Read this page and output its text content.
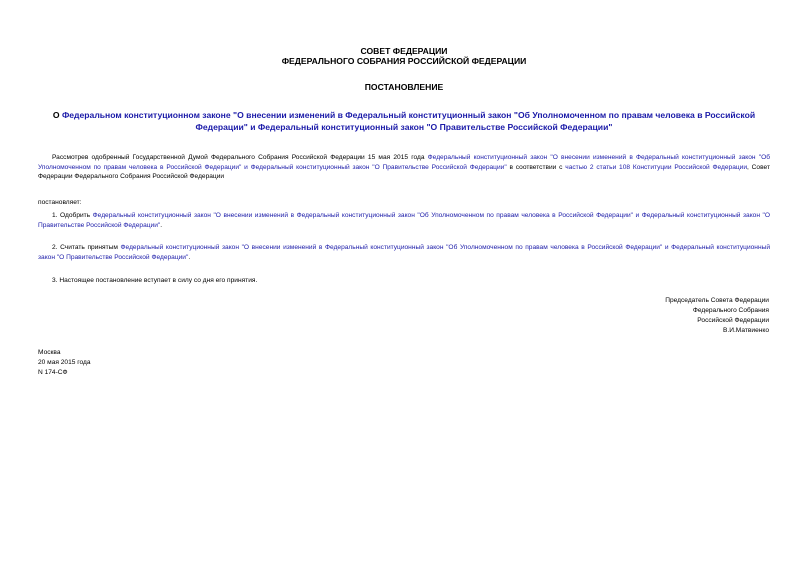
СОВЕТ ФЕДЕРАЦИИ
ФЕДЕРАЛЬНОГО СОБРАНИЯ РОССИЙСКОЙ ФЕДЕРАЦИИ
ПОСТАНОВЛЕНИЕ
О Федеральном конституционном законе "О внесении изменений в Федеральный конституционный закон "Об Уполномоченном по правам человека в Российской Федерации" и Федеральный конституционный закон "О Правительстве Российской Федерации"
Рассмотрев одобренный Государственной Думой Федерального Собрания Российской Федерации 15 мая 2015 года Федеральный конституционный закон "О внесении изменений в Федеральный конституционный закон "Об Уполномоченном по правам человека в Российской Федерации" и Федеральный конституционный закон "О Правительстве Российской Федерации" в соответствии с частью 2 статьи 108 Конституции Российской Федерации, Совет Федерации Федерального Собрания Российской Федерации
постановляет:
1. Одобрить Федеральный конституционный закон "О внесении изменений в Федеральный конституционный закон "Об Уполномоченном по правам человека в Российской Федерации" и Федеральный конституционный закон "О Правительстве Российской Федерации".
2. Считать принятым Федеральный конституционный закон "О внесении изменений в Федеральный конституционный закон "Об Уполномоченном по правам человека в Российской Федерации" и Федеральный конституционный закон "О Правительстве Российской Федерации".
3. Настоящее постановление вступает в силу со дня его принятия.
Председатель Совета Федерации
Федерального Собрания
Российской Федерации
В.И.Матвиенко
Москва
20 мая 2015 года
N 174-СФ
